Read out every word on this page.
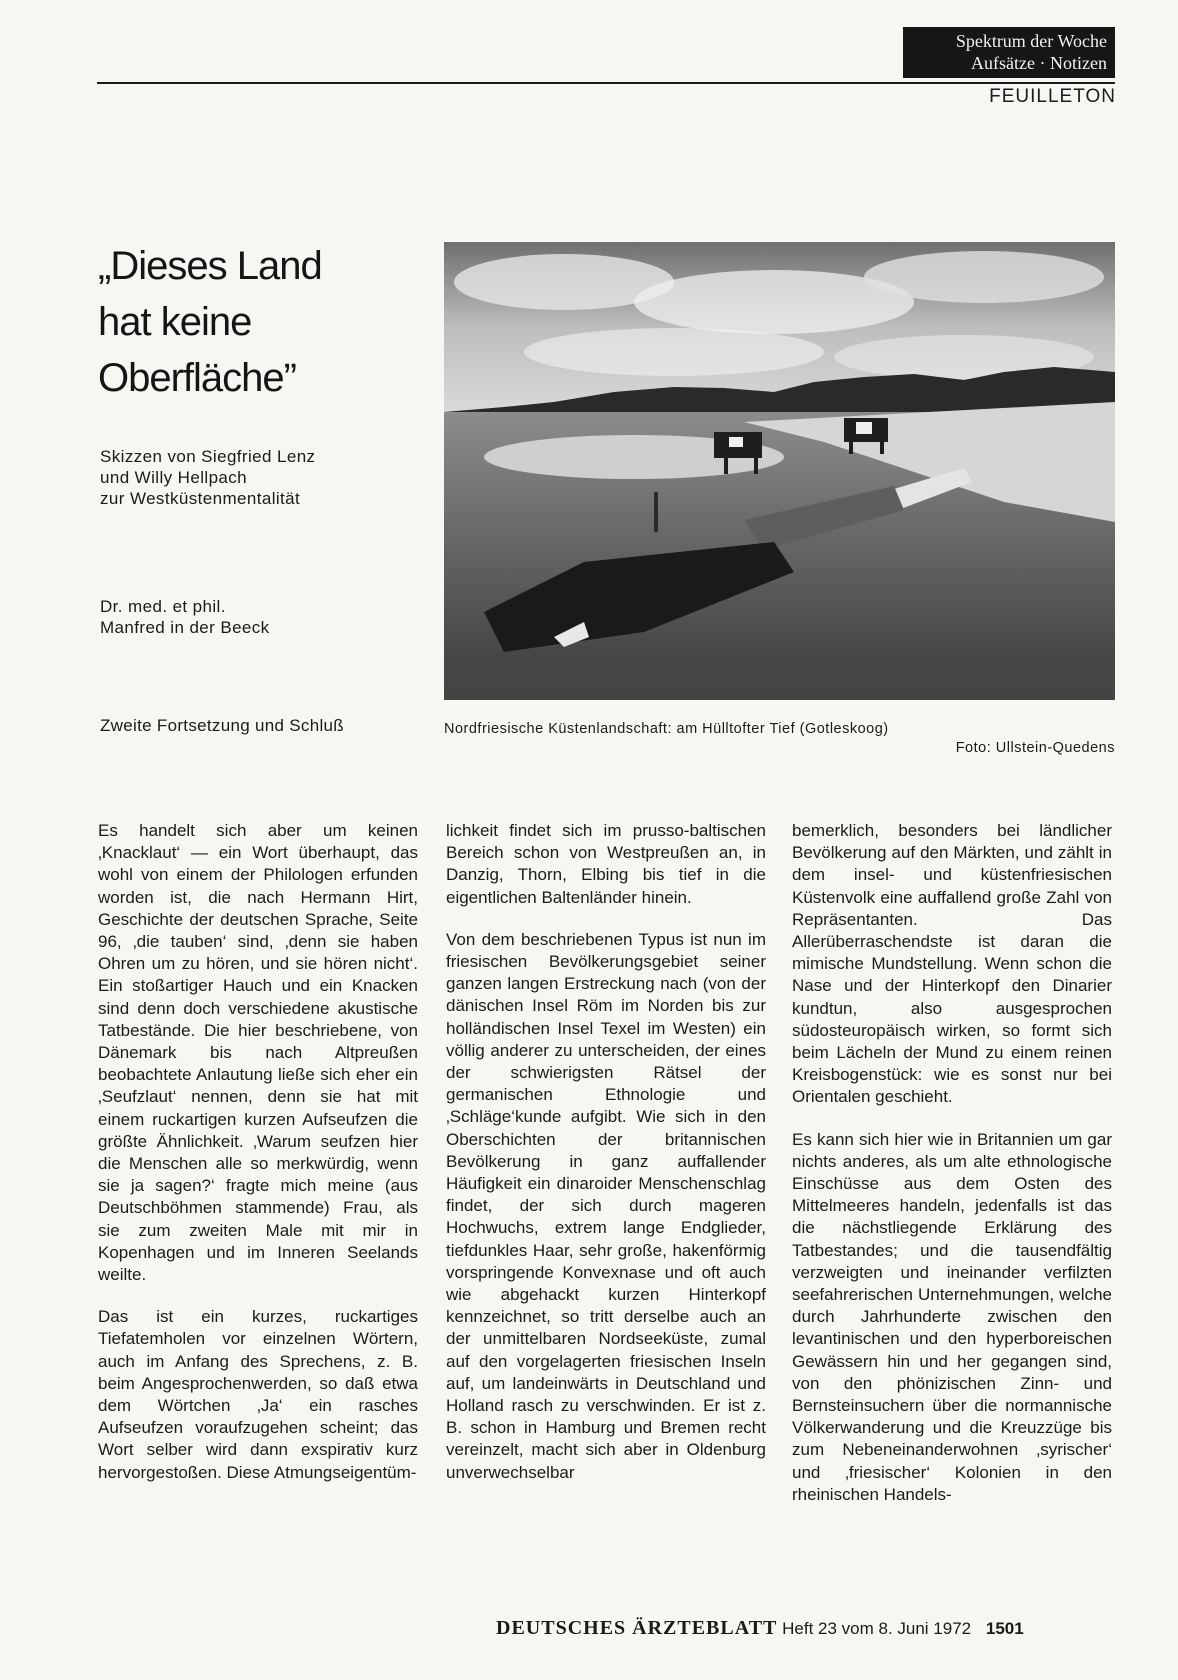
Spektrum der Woche
Aufsätze · Notizen
FEUILLETON
„Dieses Land
hat keine
Oberfläche”
Skizzen von Siegfried Lenz
und Willy Hellpach
zur Westküstenmentalität
Dr. med. et phil.
Manfred in der Beeck
Zweite Fortsetzung und Schluß	Nordfriesische Küstenlandschaft: am Hülltofter Tief (Gotleskoog)
Foto: Ullstein-Quedens

Es handelt sich aber um keinen ‚Knacklaut‘ — ein Wort überhaupt, das wohl von einem der Philologen erfunden worden ist, die nach Hermann Hirt, Geschichte der deutschen Sprache, Seite 96, ‚die tauben‘ sind, ‚denn sie haben Ohren um zu hören, und sie hören nicht‘. Ein stoßartiger Hauch und ein Knacken sind denn doch verschiedene akustische Tatbestände. Die hier beschriebene, von Dänemark bis nach Altpreußen beobachtete Anlautung ließe sich eher ein ‚Seufzlaut‘ nennen, denn sie hat mit einem ruckartigen kurzen Aufseufzen die größte Ähnlichkeit. ‚Warum seufzen hier die Menschen alle so merkwürdig, wenn sie ja sagen?‘ fragte mich meine (aus Deutschböhmen stammende) Frau, als sie zum zweiten Male mit mir in Kopenhagen und im Inneren Seelands weilte.

Das ist ein kurzes, ruckartiges Tiefatemholen vor einzelnen Wörtern, auch im Anfang des Sprechens, z. B. beim Angesprochenwerden, so daß etwa dem Wörtchen ‚Ja‘ ein rasches Aufseufzen voraufzugehen scheint; das Wort selber wird dann exspirativ kurz hervorgestoßen. Diese Atmungseigentüm-

lichkeit findet sich im prusso-baltischen Bereich schon von Westpreußen an, in Danzig, Thorn, Elbing bis tief in die eigentlichen Baltenländer hinein.

Von dem beschriebenen Typus ist nun im friesischen Bevölkerungsgebiet seiner ganzen langen Erstreckung nach (von der dänischen Insel Röm im Norden bis zur holländischen Insel Texel im Westen) ein völlig anderer zu unterscheiden, der eines der schwierigsten Rätsel der germanischen Ethnologie und ‚Schläge‘kunde aufgibt. Wie sich in den Oberschichten der britannischen Bevölkerung in ganz auffallender Häufigkeit ein dinaroider Menschenschlag findet, der sich durch mageren Hochwuchs, extrem lange Endglieder, tiefdunkles Haar, sehr große, hakenförmig vorspringende Konvexnase und oft auch wie abgehackt kurzen Hinterkopf kennzeichnet, so tritt derselbe auch an der unmittelbaren Nordseeküste, zumal auf den vorgelagerten friesischen Inseln auf, um landeinwärts in Deutschland und Holland rasch zu verschwinden. Er ist z. B. schon in Hamburg und Bremen recht vereinzelt, macht sich aber in Oldenburg unverwechselbar

bemerklich, besonders bei ländlicher Bevölkerung auf den Märkten, und zählt in dem insel- und küstenfriesischen Küstenvolk eine auffallend große Zahl von Repräsentanten. Das Allerüberraschendste ist daran die mimische Mundstellung. Wenn schon die Nase und der Hinterkopf den Dinarier kundtun, also ausgesprochen südosteuropäisch wirken, so formt sich beim Lächeln der Mund zu einem reinen Kreisbogenstück: wie es sonst nur bei Orientalen geschieht.

Es kann sich hier wie in Britannien um gar nichts anderes, als um alte ethnologische Einschüsse aus dem Osten des Mittelmeeres handeln, jedenfalls ist das die nächstliegende Erklärung des Tatbestandes; und die tausendfältig verzweigten und ineinander verfilzten seefahrerischen Unternehmungen, welche durch Jahrhunderte zwischen den levantinischen und den hyperboreischen Gewässern hin und her gegangen sind, von den phönizischen Zinn- und Bernsteinsuchern über die normannische Völkerwanderung und die Kreuzzüge bis zum Nebeneinanderwohnen ‚syrischer‘ und ‚friesischer‘ Kolonien in den rheinischen Handels-

DEUTSCHES ÄRZTEBLATT Heft 23 vom 8. Juni 1972 1501
